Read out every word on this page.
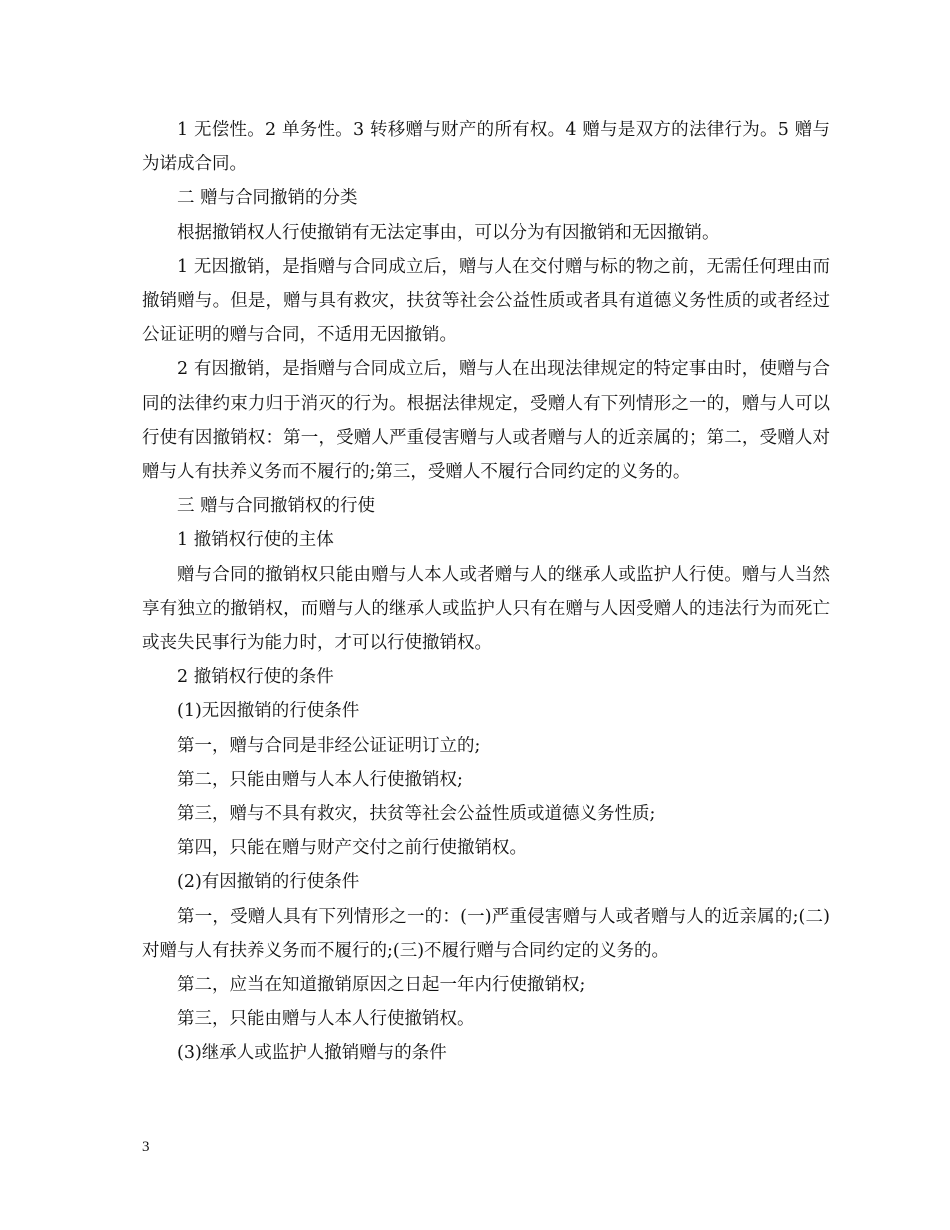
1 无偿性。2 单务性。3 转移赠与财产的所有权。4 赠与是双方的法律行为。5 赠与为诺成合同。

二 赠与合同撤销的分类

根据撤销权人行使撤销有无法定事由，可以分为有因撤销和无因撤销。

1 无因撤销，是指赠与合同成立后，赠与人在交付赠与标的物之前，无需任何理由而撤销赠与。但是，赠与具有救灾，扶贫等社会公益性质或者具有道德义务性质的或者经过公证证明的赠与合同，不适用无因撤销。

2 有因撤销，是指赠与合同成立后，赠与人在出现法律规定的特定事由时，使赠与合同的法律约束力归于消灭的行为。根据法律规定，受赠人有下列情形之一的，赠与人可以行使有因撤销权：第一，受赠人严重侵害赠与人或者赠与人的近亲属的；第二，受赠人对赠与人有扶养义务而不履行的;第三，受赠人不履行合同约定的义务的。

三 赠与合同撤销权的行使

1 撤销权行使的主体

赠与合同的撤销权只能由赠与人本人或者赠与人的继承人或监护人行使。赠与人当然享有独立的撤销权，而赠与人的继承人或监护人只有在赠与人因受赠人的违法行为而死亡或丧失民事行为能力时，才可以行使撤销权。

2 撤销权行使的条件

(1)无因撤销的行使条件

第一，赠与合同是非经公证证明订立的;

第二，只能由赠与人本人行使撤销权;

第三，赠与不具有救灾，扶贫等社会公益性质或道德义务性质;

第四，只能在赠与财产交付之前行使撤销权。

(2)有因撤销的行使条件

第一，受赠人具有下列情形之一的：(一)严重侵害赠与人或者赠与人的近亲属的;(二)对赠与人有扶养义务而不履行的;(三)不履行赠与合同约定的义务的。

第二，应当在知道撤销原因之日起一年内行使撤销权;

第三，只能由赠与人本人行使撤销权。

(3)继承人或监护人撤销赠与的条件

3
